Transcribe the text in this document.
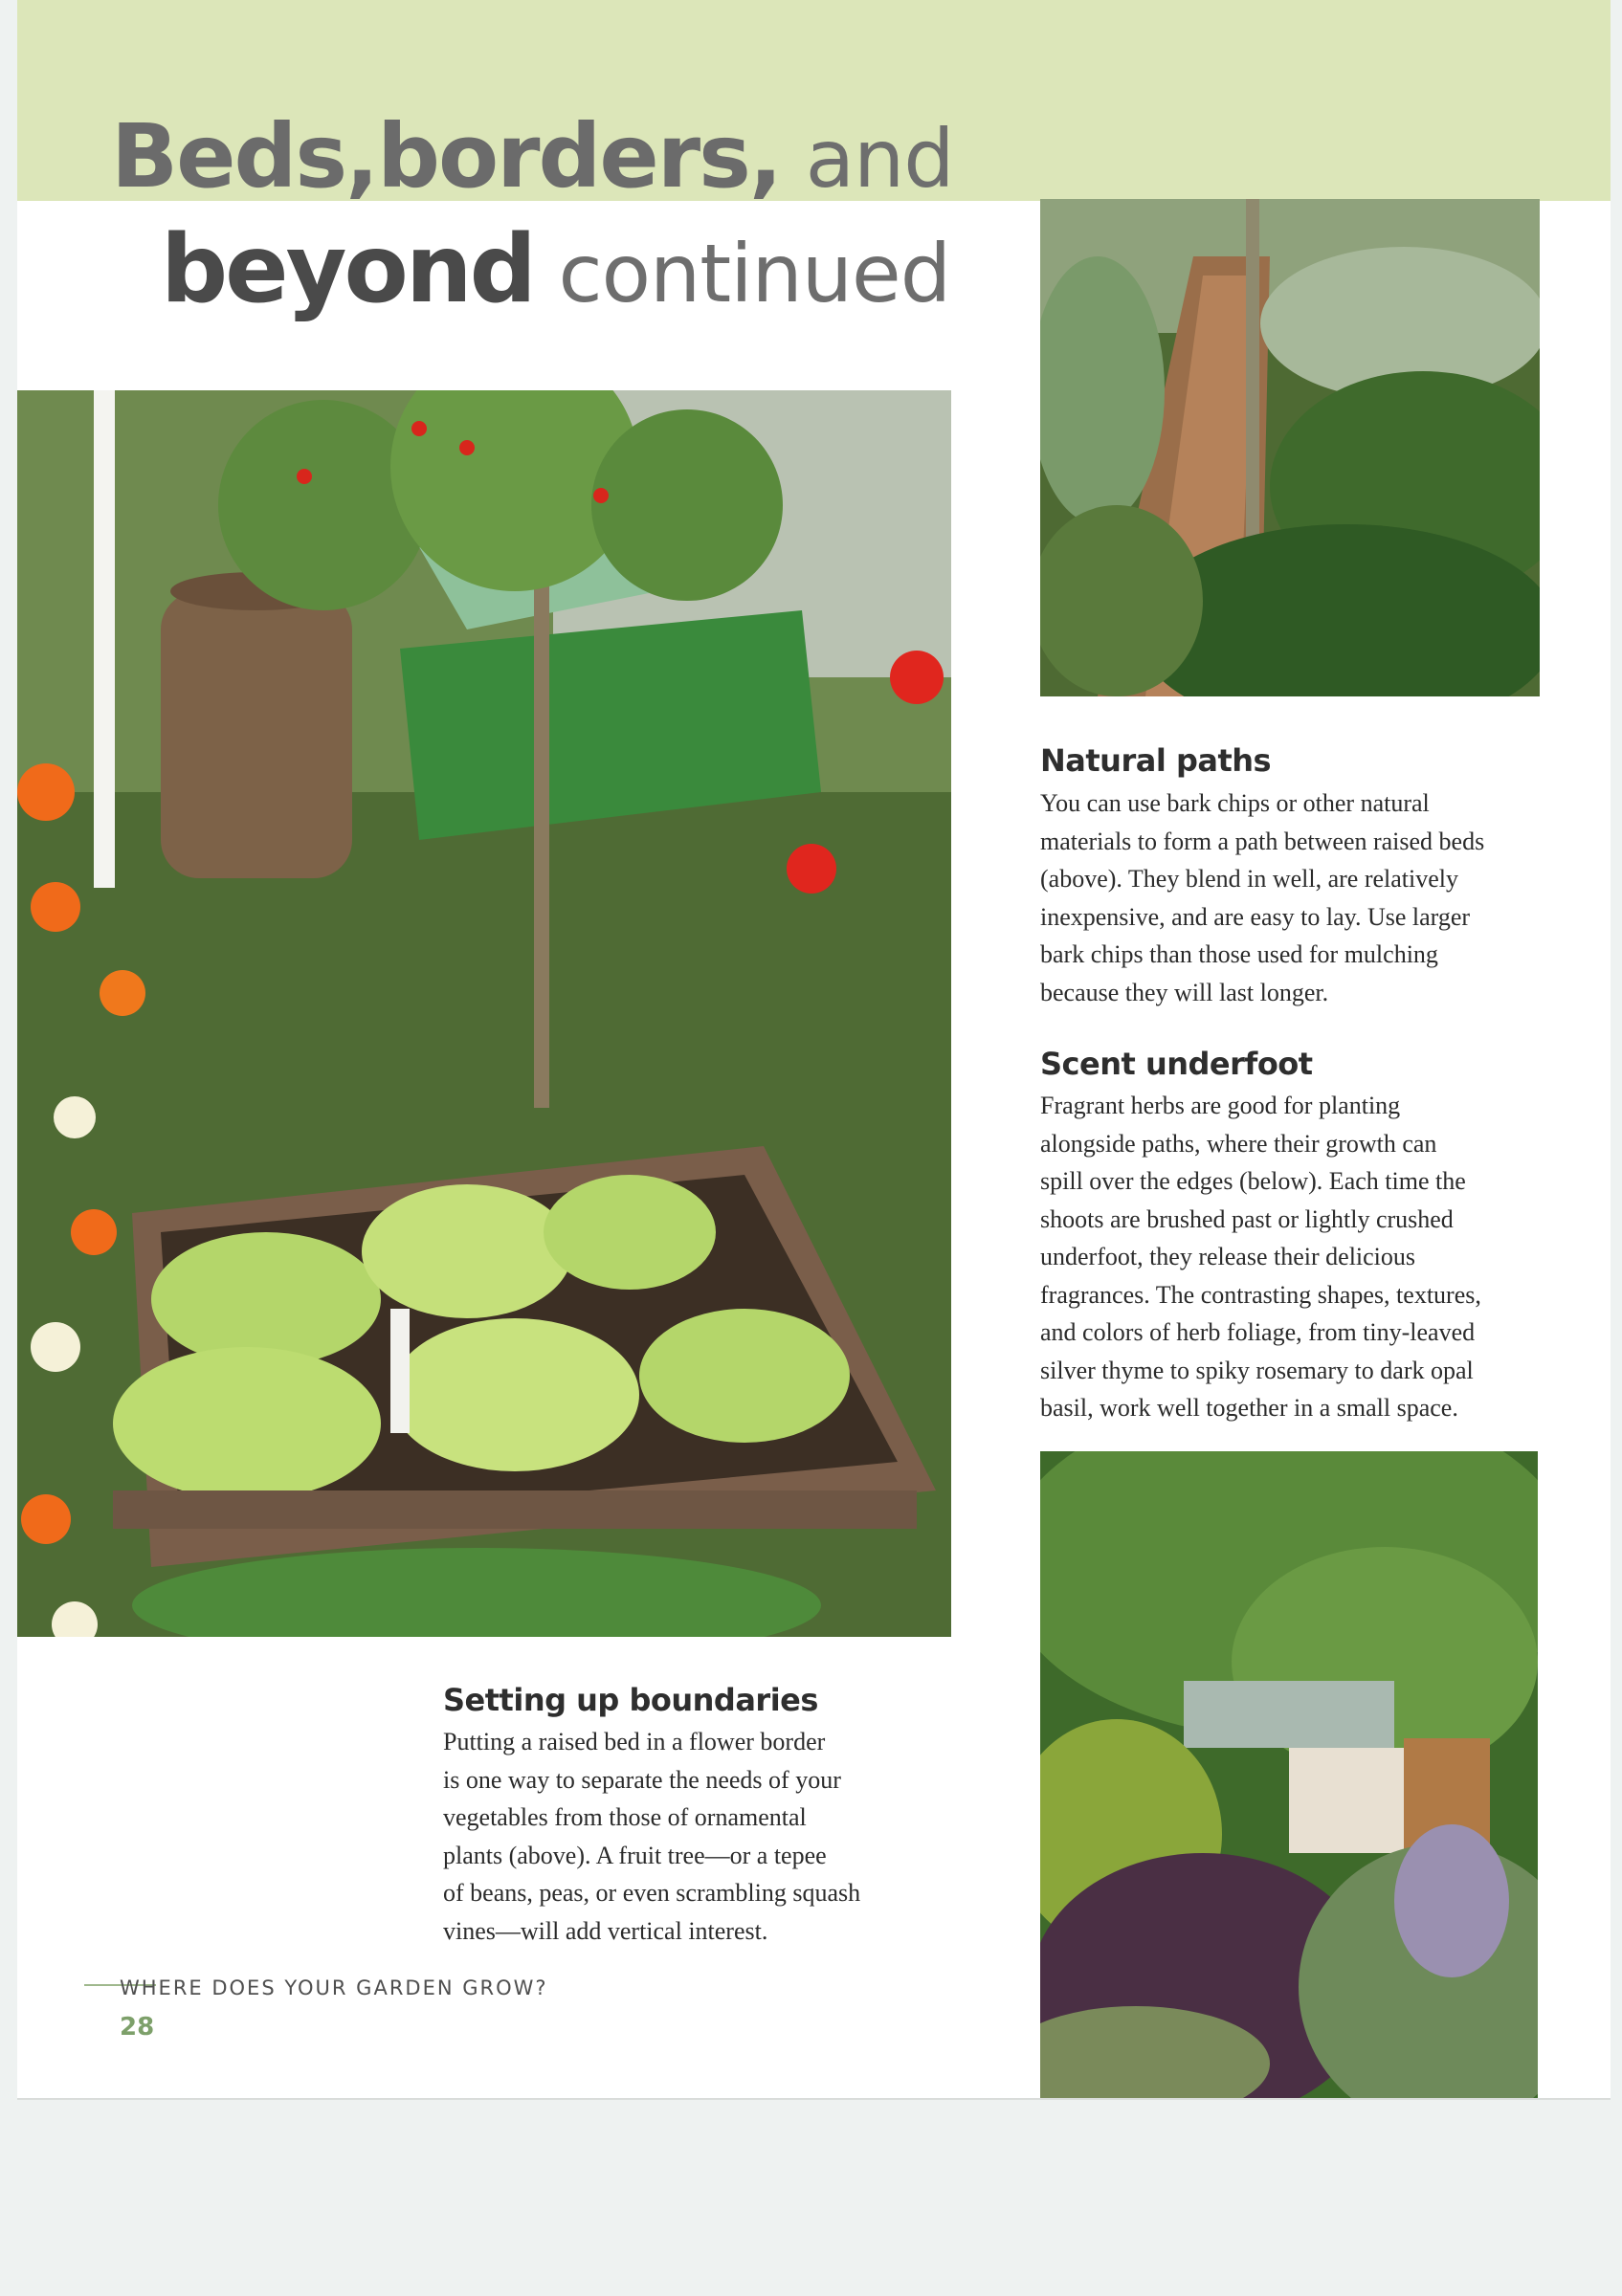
Beds,borders, and
beyond continued
Natural paths

You can use bark chips or other natural
materials to form a path between raised beds
(above). They blend in well, are relatively
inexpensive, and are easy to lay. Use larger
bark chips than those used for mulching
because they will last longer.

Scent underfoot

Fragrant herbs are good for planting
alongside paths, where their growth can
spill over the edges (below). Each time the
shoots are brushed past or lightly crushed
underfoot, they release their delicious
fragrances. The contrasting shapes, textures,
and colors of herb foliage, from tiny-leaved
silver thyme to spiky rosemary to dark opal
basil, work well together in a small space.

Setting up boundaries

Putting a raised bed in a flower border
is one way to separate the needs of your
vegetables from those of ornamental
plants (above). A fruit tree—or a tepee
of beans, peas, or even scrambling squash
vines—will add vertical interest.

WHERE DOES YOUR GARDEN GROW?

28
